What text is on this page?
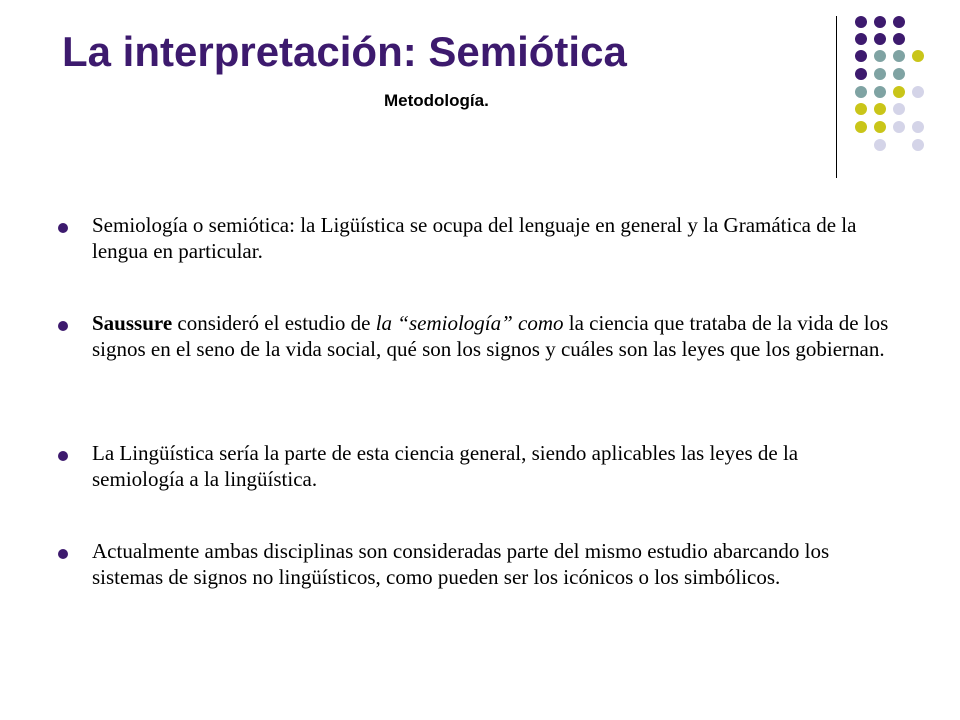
La interpretación: Semiótica
Metodología.
Semiología o semiótica: la Ligüística se ocupa del lenguaje en general y la Gramática de la lengua en particular.
Saussure consideró el estudio de la “semiología” como la ciencia que trataba de la vida de los signos en el seno de la vida social, qué son los signos y cuáles son las leyes que los gobiernan.
La Lingüística sería la parte de esta ciencia general, siendo aplicables las leyes de la semiología a la lingüística.
Actualmente ambas disciplinas son consideradas parte del mismo estudio abarcando los sistemas de signos no lingüísticos, como pueden ser los icónicos o los simbólicos.
